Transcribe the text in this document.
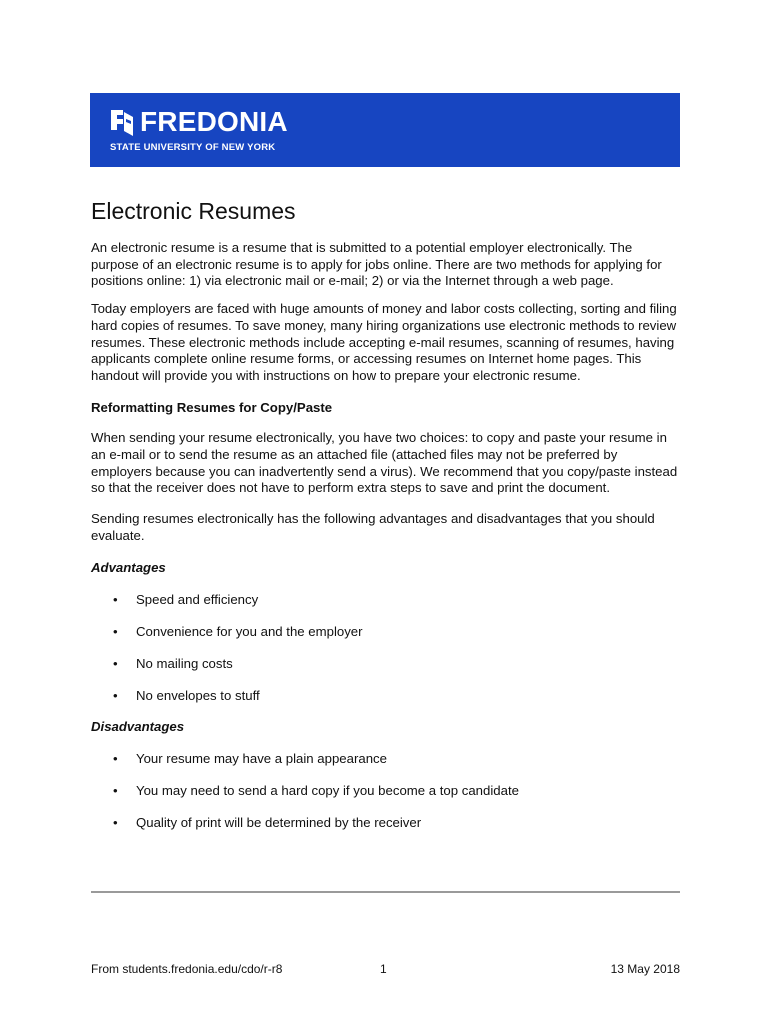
FREDONIA
STATE UNIVERSITY OF NEW YORK
Electronic Resumes

An electronic resume is a resume that is submitted to a potential employer electronically. The purpose of an electronic resume is to apply for jobs online. There are two methods for applying for positions online: 1) via electronic mail or e-mail; 2) or via the Internet through a web page.

Today employers are faced with huge amounts of money and labor costs collecting, sorting and filing hard copies of resumes. To save money, many hiring organizations use electronic methods to review resumes. These electronic methods include accepting e-mail resumes, scanning of resumes, having applicants complete online resume forms, or accessing resumes on Internet home pages. This handout will provide you with instructions on how to prepare your electronic resume.

Reformatting Resumes for Copy/Paste

When sending your resume electronically, you have two choices: to copy and paste your resume in an e-mail or to send the resume as an attached file (attached files may not be preferred by employers because you can inadvertently send a virus). We recommend that you copy/paste instead so that the receiver does not have to perform extra steps to save and print the document.

Sending resumes electronically has the following advantages and disadvantages that you should evaluate.

Advantages

• Speed and efficiency
• Convenience for you and the employer
• No mailing costs
• No envelopes to stuff

Disadvantages

• Your resume may have a plain appearance
• You may need to send a hard copy if you become a top candidate
• Quality of print will be determined by the receiver
From students.fredonia.edu/cdo/r-r8	1	13 May 2018
